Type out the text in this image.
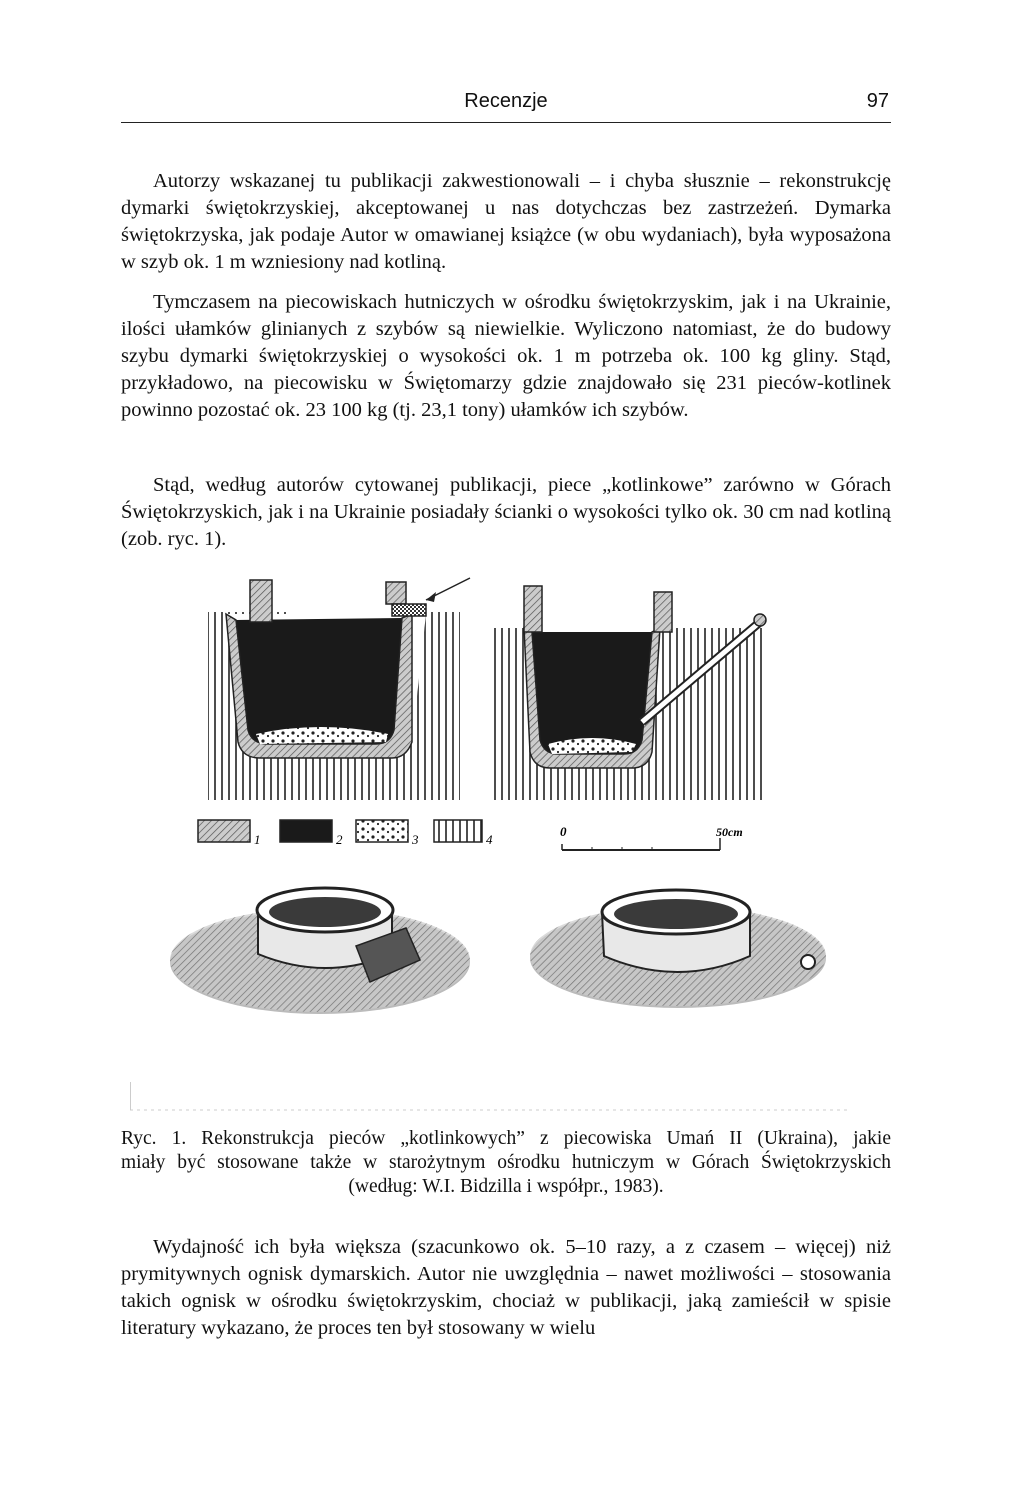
Recenzje	97

Autorzy wskazanej tu publikacji zakwestionowali – i chyba słusznie – rekonstrukcję dymarki świętokrzyskiej, akceptowanej u nas dotychczas bez zastrzeżeń. Dymarka świętokrzyska, jak podaje Autor w omawianej książce (w obu wydaniach), była wyposażona w szyb ok. 1 m wzniesiony nad kotliną.

Tymczasem na piecowiskach hutniczych w ośrodku świętokrzyskim, jak i na Ukrainie, ilości ułamków glinianych z szybów są niewielkie. Wyliczono natomiast, że do budowy szybu dymarki świętokrzyskiej o wysokości ok. 1 m potrzeba ok. 100 kg gliny. Stąd, przykładowo, na piecowisku w Świętomarzy gdzie znajdowało się 231 pieców-kotlinek powinno pozostać ok. 23 100 kg (tj. 23,1 tony) ułamków ich szybów.

Stąd, według autorów cytowanej publikacji, piece „kotlinkowe” zarówno w Górach Świętokrzyskich, jak i na Ukrainie posiadały ścianki o wysokości tylko ok. 30 cm nad kotliną (zob. ryc. 1).

1	2	3	4
0	50cm
Ryc. 1. Rekonstrukcja pieców „kotlinkowych” z piecowiska Umań II (Ukraina), jakie
miały być stosowane także w starożytnym ośrodku hutniczym w Górach Świętokrzyskich
(według: W.I. Bidzilla i współpr., 1983).

Wydajność ich była większa (szacunkowo ok. 5–10 razy, a z czasem – więcej) niż prymitywnych ognisk dymarskich. Autor nie uwzględnia – nawet możliwości – stosowania takich ognisk w ośrodku świętokrzyskim, chociaż w publikacji, jaką zamieścił w spisie literatury wykazano, że proces ten był stosowany w wielu
